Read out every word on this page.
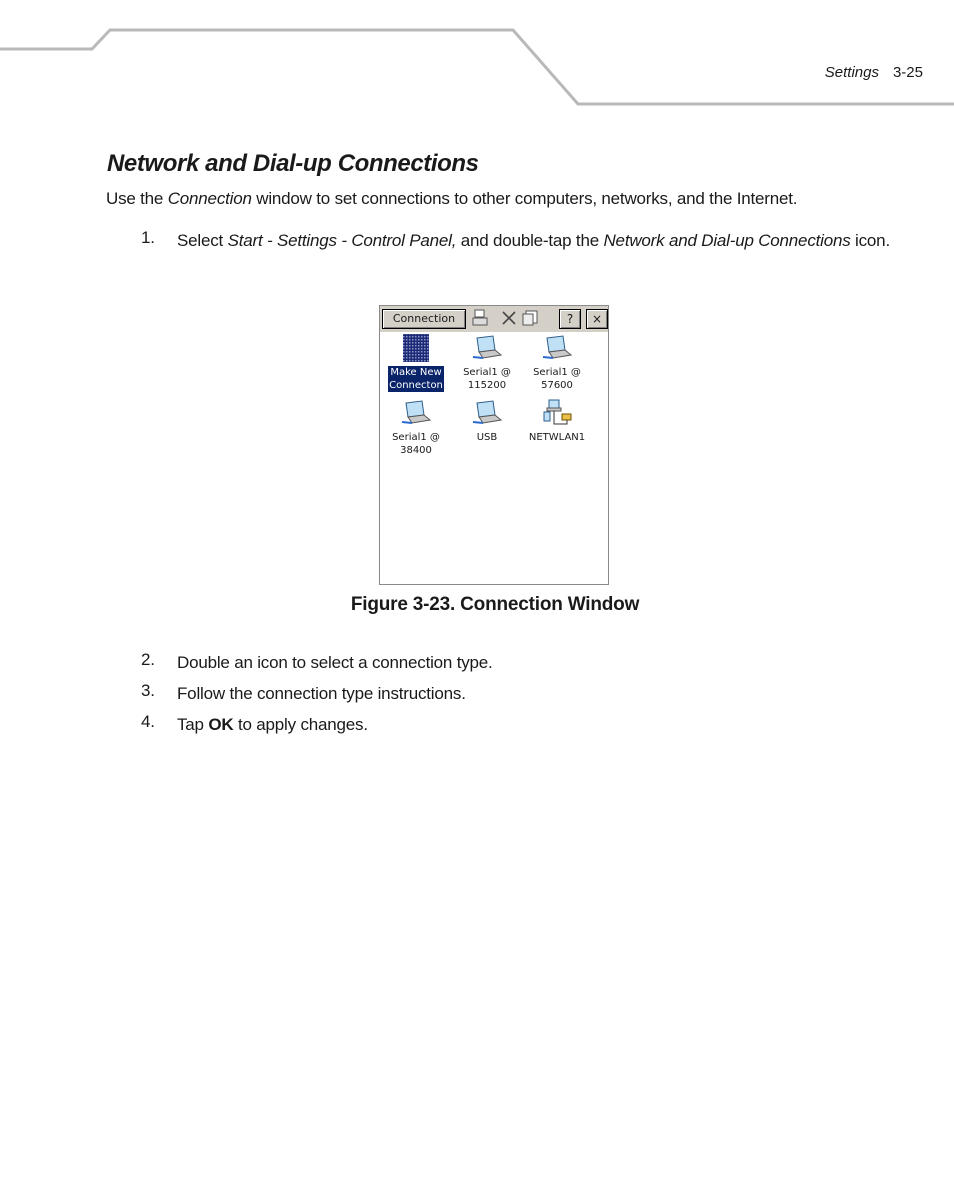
Settings 3-25
Network and Dial-up Connections

Use the Connection window to set connections to other computers, networks, and the Internet.

1. Select Start - Settings - Control Panel, and double-tap the Network and Dial-up Connections icon.
Connection	?	×
Make New
Connecton
Serial1 @
115200
Serial1 @
57600
Serial1 @
38400
USB	NETWLAN1
Figure 3-23. Connection Window
2. Double an icon to select a connection type.
3. Follow the connection type instructions.
4. Tap OK to apply changes.
